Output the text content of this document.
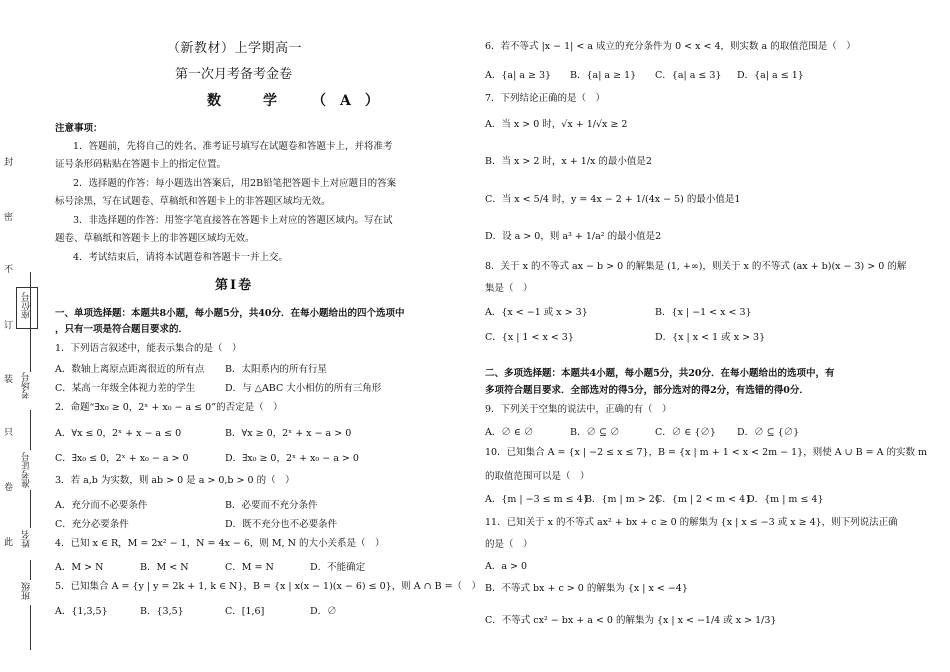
封
密
不
订
装
只
卷
此
座位号
考场号
准考证号
姓名
班级
（新教材）上学期高一
第一次月考备考金卷
数　学　（A）
注意事项：
1．答题前，先将自己的姓名、准考证号填写在试题卷和答题卡上，并将准考
证号条形码粘贴在答题卡上的指定位置。
2．选择题的作答：每小题选出答案后，用2B铅笔把答题卡上对应题目的答案
标号涂黑，写在试题卷、草稿纸和答题卡上的非答题区域均无效。
3．非选择题的作答：用签字笔直接答在答题卡上对应的答题区域内。写在试
题卷、草稿纸和答题卡上的非答题区域均无效。
4．考试结束后，请将本试题卷和答题卡一并上交。
第Ⅰ卷
一、单项选择题：本题共8小题，每小题5分，共40分．在每小题给出的四个选项中
，只有一项是符合题目要求的．
1．下列语言叙述中，能表示集合的是（　）
A．数轴上离原点距离很近的所有点 B．太阳系内的所有行星
C．某高一年级全体视力差的学生	D．与 △ABC 大小相仿的所有三角形
2．命题“∃x₀ ≥ 0，2ˣ + x₀ − a ≤ 0”的否定是（　）
A．∀x ≤ 0，2ˣ + x − a ≤ 0	B．∀x ≥ 0，2ˣ + x − a > 0
C．∃x₀ ≤ 0，2ˣ + x₀ − a > 0	D．∃x₀ ≥ 0，2ˣ + x₀ − a > 0
3．若 a,b 为实数，则 ab > 0 是 a > 0,b > 0 的（　）
A．充分而不必要条件	B．必要而不充分条件
C．充分必要条件	D．既不充分也不必要条件
4．已知 x ∈ R，M = 2x² − 1，N = 4x − 6，则 M, N 的大小关系是（　）
A．M > N	B．M < N	C．M = N	D．不能确定
5．已知集合 A = {y | y = 2k + 1, k ∈ N}，B = {x | x(x − 1)(x − 6) ≤ 0}，则 A ∩ B =（　）
A．{1,3,5}	B．{3,5}	C．[1,6]	D．∅
6．若不等式 |x − 1| < a 成立的充分条件为 0 < x < 4，则实数 a 的取值范围是（　）
A．{a| a ≥ 3} B．{a| a ≥ 1} C．{a| a ≤ 3} D．{a| a ≤ 1}
7．下列结论正确的是（　）
A．当 x > 0 时，√x + 1/√x ≥ 2
B．当 x > 2 时，x + 1/x 的最小值是2
C．当 x < 5/4 时，y = 4x − 2 + 1/(4x − 5) 的最小值是1
D．设 a > 0，则 a³ + 1/a² 的最小值是2
8．关于 x 的不等式 ax − b > 0 的解集是 (1, +∞)，则关于 x 的不等式 (ax + b)(x − 3) > 0 的解
集是（　）
A．{x < −1 或 x > 3}	B．{x | −1 < x < 3}
C．{x | 1 < x < 3}	D．{x | x < 1 或 x > 3}
二、多项选择题：本题共4小题，每小题5分，共20分．在每小题给出的选项中，有
多项符合题目要求．全部选对的得5分，部分选对的得2分，有选错的得0分．
9．下列关于空集的说法中，正确的有（　）
A．∅ ∈ ∅	B．∅ ⊆ ∅	C．∅ ∈ {∅} D．∅ ⊆ {∅}
10．已知集合 A = {x | −2 ≤ x ≤ 7}，B = {x | m + 1 < x < 2m − 1}，则使 A ∪ B = A 的实数 m
的取值范围可以是（　）
A．{m | −3 ≤ m ≤ 4}
B．{m | m > 2}
C．{m | 2 < m < 4}
D．{m | m ≤ 4}
11．已知关于 x 的不等式 ax² + bx + c ≥ 0 的解集为 {x | x ≤ −3 或 x ≥ 4}，则下列说法正确
的是（　）
A．a > 0
B．不等式 bx + c > 0 的解集为 {x | x < −4}
C．不等式 cx² − bx + a < 0 的解集为 {x | x < −1/4 或 x > 1/3}
